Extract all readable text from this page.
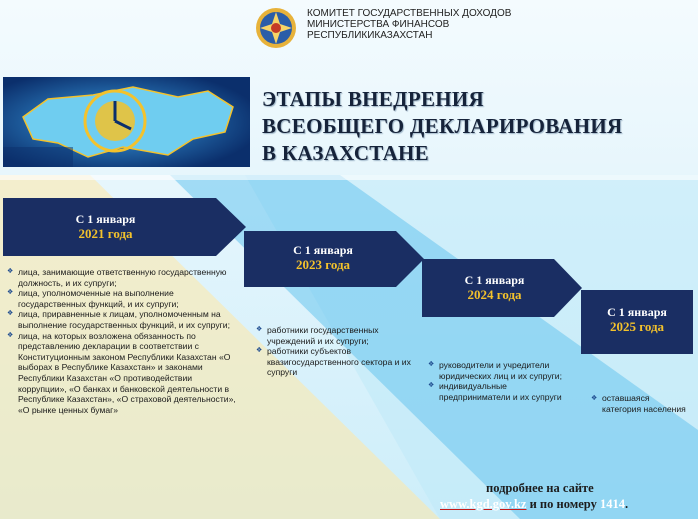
КОМИТЕТ ГОСУДАРСТВЕННЫХ ДОХОДОВ
МИНИСТЕРСТВА ФИНАНСОВ
РЕСПУБЛИКИКАЗАХСТАН
ЭТАПЫ ВНЕДРЕНИЯ
ВСЕОБЩЕГО ДЕКЛАРИРОВАНИЯ
В КАЗАХСТАНЕ
С 1 января
2021 года
С 1 января
2023 года
С 1 января
2024 года
С 1 января
2025 года
❖ лица, занимающие ответственную государственную должность, и их супруги;
❖ лица, уполномоченные на выполнение государственных функций, и их супруги;
❖ лица, приравненные к лицам, уполномоченным на выполнение государственных функций, и их супруги;
❖ лица, на которых возложена обязанность по представлению декларации в соответствии с Конституционным законом Республики Казахстан «О выборах в Республике Казахстан» и законами Республики Казахстан «О противодействии коррупции», «О банках и банковской деятельности в Республике Казахстан», «О страховой деятельности», «О рынке ценных бумаг»
❖ работники государственных учреждений и их супруги;
❖ работники субъектов квазигосударственного сектора и их супруги
❖ руководители и учредители юридических лиц и их супруги;
❖ индивидуальные предприниматели и их супруги	❖ оставшаяся категория населения
подробнее на сайте
www.kgd.gov.kz и по номеру 1414.
